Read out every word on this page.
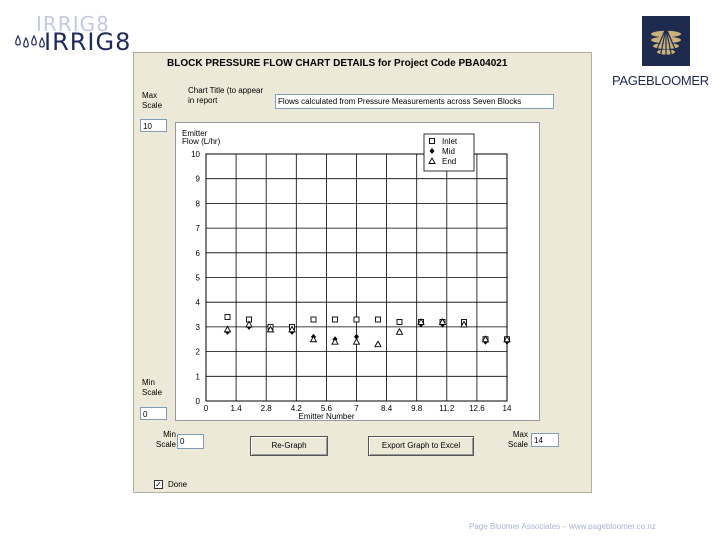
IRRIG8
IRRIG8
PAGEBLOOMER
BLOCK PRESSURE FLOW CHART DETAILS for Project Code PBA04021
Max Scale
10
Chart Title (to appear in report	Flows calculated from Pressure Measurements across Seven Blocks
0
1
2
3
4
5
6
7
8
9
10
0	1.4 2.8 4.2 5.6	7	8.4 9.8 11.2 12.6 14
Emitter
Flow (L/hr)
Emitter Number
Inlet
Mid
End
Min Scale
0
Min Scale 0	Re-Graph	Export Graph to Excel
Max Scale 14
✓ Done
Page Bloomer Associates – www.pagebloomer.co.nz
